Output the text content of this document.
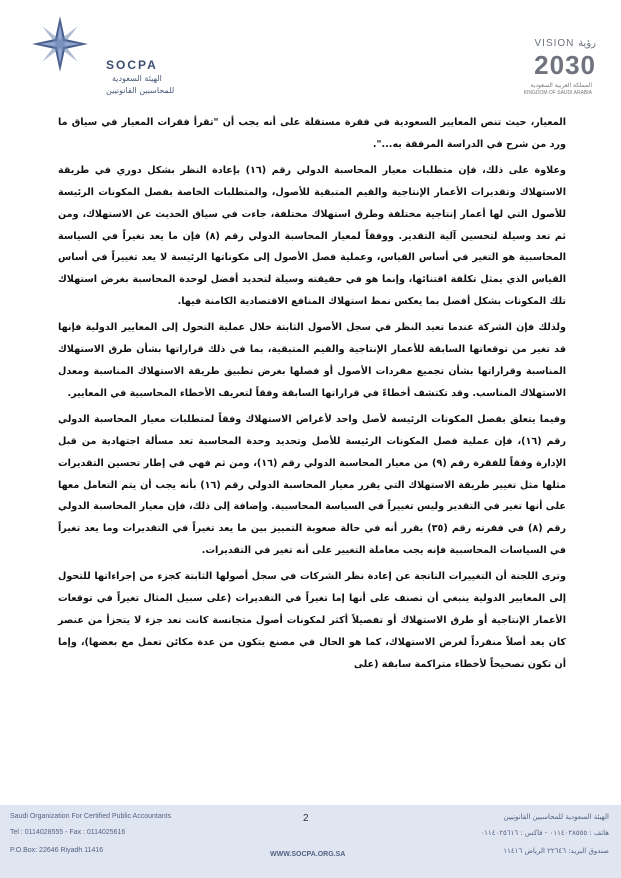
SOCPA
الهيئة السعودية
للمحاسبين القانونيين
VISION رؤية
2030
المملكة العربية السعودية
KINGDOM OF SAUDI ARABIA

المعيار، حيث تنص المعايير السعودية في فقرة مستقلة على أنه يجب أن "تقرأ فقرات المعيار في سياق ما ورد من شرح في الدراسة المرفقة به...".

وعلاوة على ذلك، فإن متطلبات معيار المحاسبة الدولي رقم (١٦) بإعادة النظر بشكل دوري في طريقة الاستهلاك وتقديرات الأعمار الإنتاجية والقيم المتبقية للأصول، والمتطلبات الخاصة بفصل المكونات الرئيسة للأصول التي لها أعمار إنتاجية مختلفة وطرق استهلاك مختلفة، جاءت في سياق الحديث عن الاستهلاك، ومن ثم تعد وسيلة لتحسين آلية التقدير. ووفقاً لمعيار المحاسبة الدولي رقم (٨) فإن ما يعد تغيراً في السياسة المحاسبية هو التغير في أساس القياس، وعملية فصل الأصول إلى مكوناتها الرئيسة لا يعد تغييراً في أساس القياس الذي يمثل تكلفة اقتنائها، وإنما هو في حقيقته وسيلة لتحديد أفضل لوحدة المحاسبة بغرض استهلاك تلك المكونات بشكل أفضل بما يعكس نمط استهلاك المنافع الاقتصادية الكامنة فيها.

ولذلك فإن الشركة عندما تعيد النظر في سجل الأصول الثابتة خلال عملية التحول إلى المعايير الدولية فإنها قد تغير من توقعاتها السابقة للأعمار الإنتاجية والقيم المتبقية، بما في ذلك قراراتها بشأن طرق الاستهلاك المناسبة وقراراتها بشأن تجميع مفردات الأصول أو فصلها بغرض تطبيق طريقة الاستهلاك المناسبة ومعدل الاستهلاك المناسب. وقد تكتشف أخطاءً في قراراتها السابقة وفقاً لتعريف الأخطاء المحاسبية في المعايير.

وفيما يتعلق بفصل المكونات الرئيسة لأصل واحد لأغراض الاستهلاك وفقاً لمتطلبات معيار المحاسبة الدولي رقم (١٦)، فإن عملية فصل المكونات الرئيسة للأصل وتحديد وحدة المحاسبة تعد مسألة اجتهادية من قبل الإدارة وفقاً للفقرة رقم (٩) من معيار المحاسبة الدولي رقم (١٦)، ومن ثم فهي في إطار تحسين التقديرات مثلها مثل تغيير طريقة الاستهلاك التي يقرر معيار المحاسبة الدولي رقم (١٦) بأنه يجب أن يتم التعامل معها على أنها تغير في التقدير وليس تغييراً في السياسة المحاسبية. وإضافة إلى ذلك، فإن معيار المحاسبة الدولي رقم (٨) في فقرته رقم (٣٥) يقرر أنه في حالة صعوبة التمييز بين ما يعد تغيراً في التقديرات وما يعد تغيراً في السياسات المحاسبية فإنه يجب معاملة التغيير على أنه تغير في التقديرات.

وترى اللجنة أن التغييرات الناتجة عن إعادة نظر الشركات في سجل أصولها الثابتة كجزء من إجراءاتها للتحول إلى المعايير الدولية ينبغي أن تصنف على أنها إما تغيراً في التقديرات (على سبيل المثال تغيراً في توقعات الأعمار الإنتاجية أو طرق الاستهلاك أو تفصيلاً أكثر لمكونات أصول متجانسة كانت تعد جزء لا يتجزأ من عنصر كان يعد أصلاً منفرداً لغرض الاستهلاك، كما هو الحال في مصنع يتكون من عدة مكائن تعمل مع بعضها)، وإما أن تكون تصحيحاً لأخطاء متراكمة سابقة (على

Saudi Organization For Certified Public Accountants
Tel : 0114028555 - Fax : 0114025616
P.O.Box: 22646 Riyadh 11416
2
WWW.SOCPA.ORG.SA
الهيئة السعودية للمحاسبين القانونيين
هاتف : ٠١١٤٠٢٨٥٥٥ - فاكس : ٠١١٤٠٢٥٦١٦
صندوق البريد: ٢٢٦٤٦ الرياض ١١٤١٦
